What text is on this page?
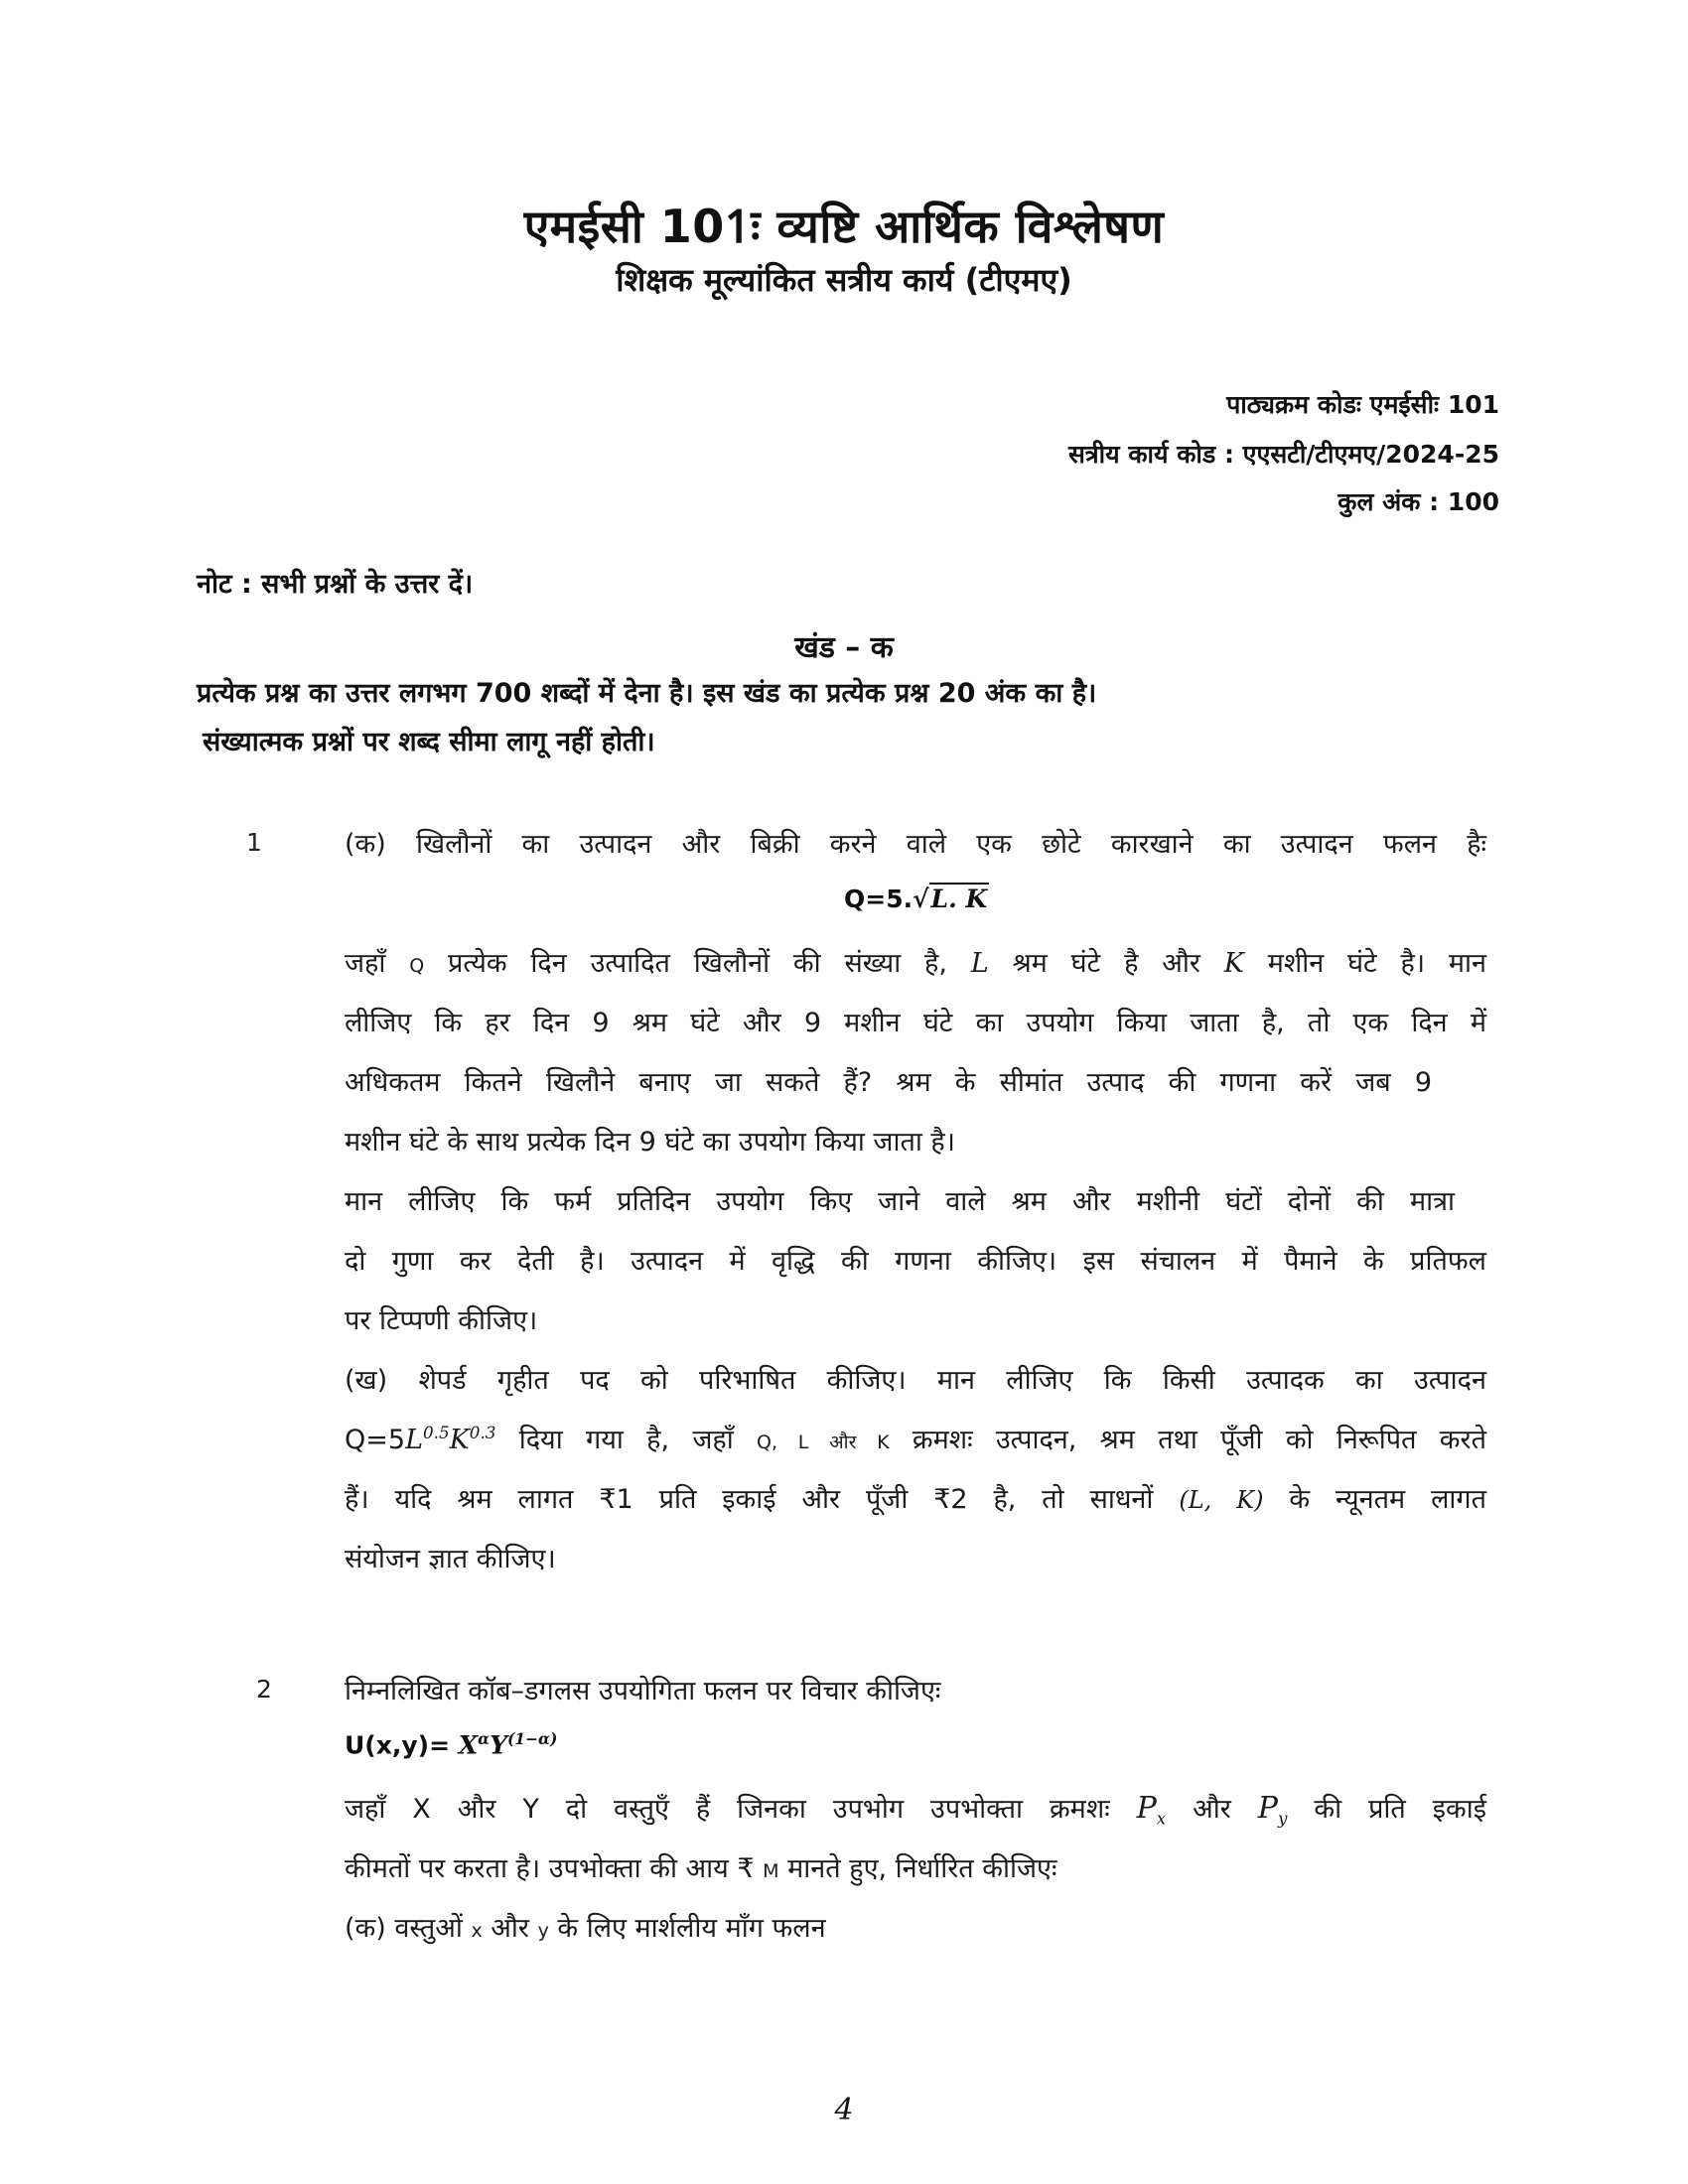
एमईसी 101ः व्यष्टि आर्थिक विश्लेषण
शिक्षक मूल्यांकित सत्रीय कार्य (टीएमए)
पाठ्यक्रम कोडः एमईसीः 101
सत्रीय कार्य कोड : एएसटी/टीएमए/2024-25
कुल अंक : 100
नोट : सभी प्रश्नों के उत्तर दें।
खंड – क
प्रत्येक प्रश्न का उत्तर लगभग 700 शब्दों में देना है। इस खंड का प्रत्येक प्रश्न 20 अंक का है।
संख्यात्मक प्रश्नों पर शब्द सीमा लागू नहीं होती।
1	(क) खिलौनों का उत्पादन और बिक्री करने वाले एक छोटे कारखाने का उत्पादन फलन हैः
Q=5.√L. K
जहाँ Q प्रत्येक दिन उत्पादित खिलौनों की संख्या है, L श्रम घंटे है और K मशीन घंटे है। मान
लीजिए कि हर दिन 9 श्रम घंटे और 9 मशीन घंटे का उपयोग किया जाता है, तो एक दिन में
अधिकतम कितने खिलौने बनाए जा सकते हैं? श्रम के सीमांत उत्पाद की गणना करें जब 9
मशीन घंटे के साथ प्रत्येक दिन 9 घंटे का उपयोग किया जाता है।
मान लीजिए कि फर्म प्रतिदिन उपयोग किए जाने वाले श्रम और मशीनी घंटों दोनों की मात्रा
दो गुणा कर देती है। उत्पादन में वृद्धि की गणना कीजिए। इस संचालन में पैमाने के प्रतिफल
पर टिप्पणी कीजिए।
(ख) शेपर्ड गृहीत पद को परिभाषित कीजिए। मान लीजिए कि किसी उत्पादक का उत्पादन
$Q=5L^{0.5}K^{0.3}$ दिया गया है, जहाँ Q, L और K क्रमशः उत्पादन, श्रम तथा पूँजी को निरूपित करते
हैं। यदि श्रम लागत ₹1 प्रति इकाई और पूँजी ₹2 है, तो साधनों (L, K) के न्यूनतम लागत
संयोजन ज्ञात कीजिए।
2	निम्नलिखित कॉब–डगलस उपयोगिता फलन पर विचार कीजिएः
$U(x,y)= X^\alpha Y^{(1-\alpha)}$
जहाँ X और Y दो वस्तुएँ हैं जिनका उपभोग उपभोक्ता क्रमशः $P_x$ और $P_y$ की प्रति इकाई
कीमतों पर करता है। उपभोक्ता की आय ₹ M मानते हुए, निर्धारित कीजिएः
(क) वस्तुओं x और y के लिए मार्शलीय माँग फलन
4
